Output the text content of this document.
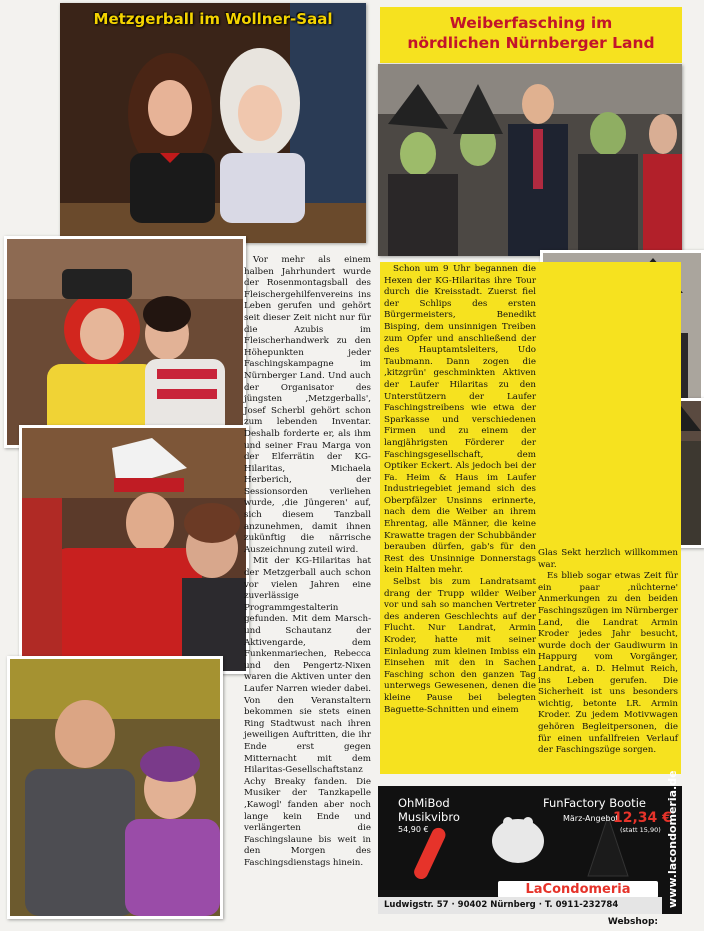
Metzgerball im Wollner-Saal	Weiberfasching im
nördlichen Nürnberger Land

Vor mehr als einem halben Jahrhundert wurde der Rosenmontagsball des Fleischergehilfenvereins ins Leben gerufen und gehört seit dieser Zeit nicht nur für die Azubis im Fleischerhandwerk zu den Höhepunkten jeder Faschingskampagne im Nürnberger Land. Und auch der Organisator des jüngsten ‚Metzgerballs', Josef Scherbl gehört schon zum lebenden Inventar. Deshalb forderte er, als ihm und seiner Frau Marga von der Elferrätin der KG-Hilaritas, Michaela Herberich, der Sessionsorden verliehen wurde, ‚die Jüngeren' auf, sich diesem Tanzball anzunehmen, damit ihnen zukünftig die närrische Auszeichnung zuteil wird.

Mit der KG-Hilaritas hat der Metzgerball auch schon vor vielen Jahren eine zuverlässige Programmgestalterin gefunden. Mit dem Marsch- und Schautanz der Aktivengarde, dem Funkenmariechen, Rebecca und den Pengertz-Nixen waren die Aktiven unter den Laufer Narren wieder dabei. Von den Veranstaltern bekommen sie stets einen Ring Stadtwust nach ihren jeweiligen Auftritten, die ihr Ende erst gegen Mitternacht mit dem Hilaritas-Gesellschaftstanz Achy Breaky fanden. Die Musiker der Tanzkapelle ‚Kawogl' fanden aber noch lange kein Ende und verlängerten die Faschingslaune bis weit in den Morgen des Faschingsdienstags hinein.

Schon um 9 Uhr begannen die Hexen der KG-Hilaritas ihre Tour durch die Kreisstadt. Zuerst fiel der Schlips des ersten Bürgermeisters, Benedikt Bisping, dem unsinnigen Treiben zum Opfer und anschließend der des Hauptamtsleiters, Udo Taubmann. Dann zogen die ‚kitzgrün' geschminkten Aktiven der Laufer Hilaritas zu den Unterstützern der Laufer Faschingstreibens wie etwa der Sparkasse und verschiedenen Firmen und zu einem der langjährigsten Förderer der Faschingsgesellschaft, dem Optiker Eckert. Als jedoch bei der Fa. Heim & Haus im Laufer Industriegebiet jemand sich des Oberpfälzer Unsinns erinnerte, nach dem die Weiber an ihrem Ehrentag, alle Männer, die keine Krawatte tragen der Schubbänder berauben dürfen, gab's für den Rest des Unsinnige Donnerstags kein Halten mehr.

Selbst bis zum Landratsamt drang der Trupp wilder Weiber vor und sah so manchen Vertreter des anderen Geschlechts auf der Flucht. Nur Landrat, Armin Kroder, hatte mit seiner Einladung zum kleinen Imbiss ein Einsehen mit den in Sachen Fasching schon den ganzen Tag unterwegs Gewesenen, denen die kleine Pause bei belegten Baguette-Schnitten und einem

Glas Sekt herzlich willkommen war.

Es blieb sogar etwas Zeit für ein paar ‚nüchterne' Anmerkungen zu den beiden Faschingszügen im Nürnberger Land, die Landrat Armin Kroder jedes Jahr besucht, wurde doch der Gaudiwurm in Happurg vom Vorgänger, Landrat, a. D. Helmut Reich, ins Leben gerufen. Die Sicherheit ist uns besonders wichtig, betonte LR. Armin Kroder. Zu jedem Motivwagen gehören Begleitpersonen, die für einen unfallfreien Verlauf der Faschingszüge sorgen.

OhMiBod
Musikvibro
54,90 €
FunFactory Bootie
März-Angebot
12,34 €
(statt 15,90)
LaCondomeria
Ludwigstr. 57 · 90402 Nürnberg · T. 0911-232784
Webshop:
www.lacondomeria.de
